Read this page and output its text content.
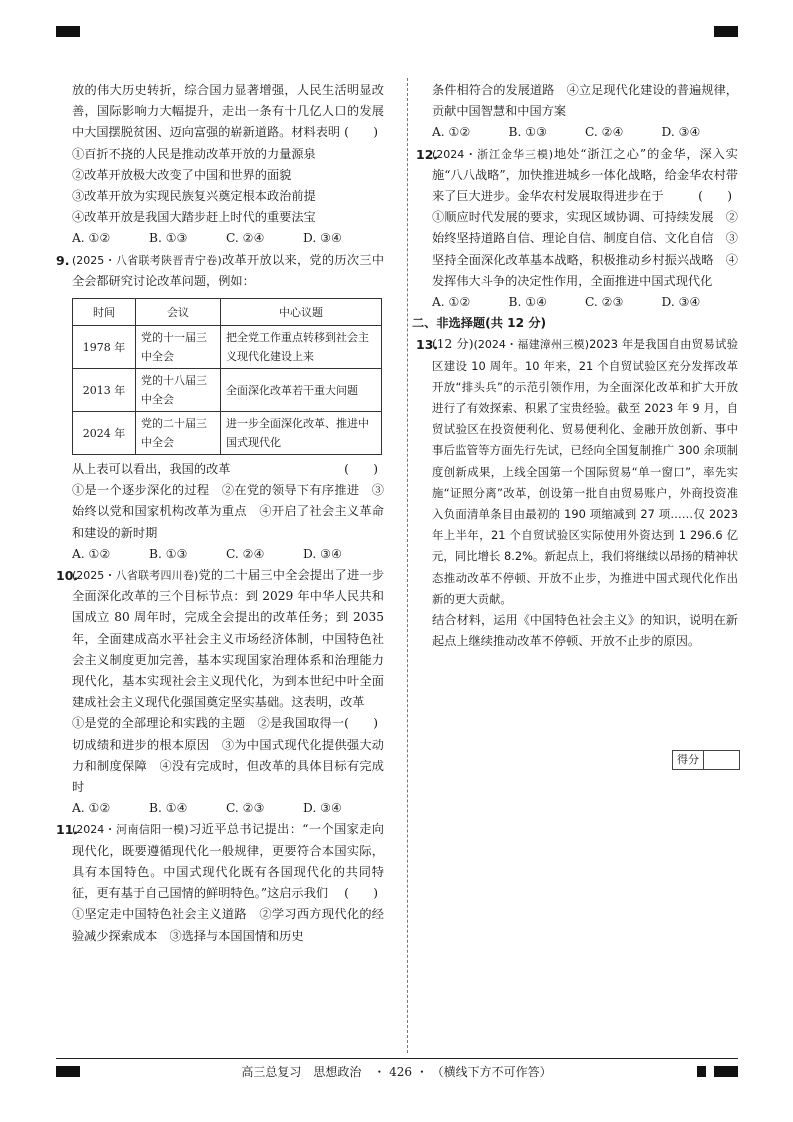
放的伟大历史转折，综合国力显著增强，人民生活明显改善，国际影响力大幅提升，走出一条有十几亿人口的发展中大国摆脱贫困、迈向富强的崭新道路。材料表明 (　　)

①百折不挠的人民是推动改革开放的力量源泉

②改革开放极大改变了中国和世界的面貌

③改革开放为实现民族复兴奠定根本政治前提

④改革开放是我国大踏步赶上时代的重要法宝

A. ①②	B. ①③	C. ②④	D. ③④

9. (2025・八省联考陕晋青宁卷)改革开放以来，党的历次三中全会都研究讨论改革问题，例如：

时间	会议	中心议题
1978 年	党的十一届三中全会	把全党工作重点转移到社会主义现代化建设上来
2013 年	党的十八届三中全会	全面深化改革若干重大问题
2024 年	党的二十届三中全会	进一步全面深化改革、推进中国式现代化

从上表可以看出，我国的改革	(　　)

①是一个逐步深化的过程　②在党的领导下有序推进　③始终以党和国家机构改革为重点　④开启了社会主义革命和建设的新时期

A. ①②	B. ①③	C. ②④	D. ③④

10.
(2025・八省联考四川卷)党的二十届三中全会提出了进一步全面深化改革的三个目标节点：到 2029 年中华人民共和国成立 80 周年时，完成全会提出的改革任务；到 2035 年，全面建成高水平社会主义市场经济体制，中国特色社会主义制度更加完善，基本实现国家治理体系和治理能力现代化，基本实现社会主义现代化，为到本世纪中叶全面建成社会主义现代化强国奠定坚实基础。这表明，改革
(　　)

①是党的全部理论和实践的主题　②是我国取得一切成绩和进步的根本原因　③为中国式现代化提供强大动力和制度保障　④没有完成时，但改革的具体目标有完成时

A. ①②	B. ①④	C. ②③	D. ③④

11.
(2024・河南信阳一模)习近平总书记提出：“一个国家走向现代化，既要遵循现代化一般规律，更要符合本国实际，具有本国特色。中国式现代化既有各国现代化的共同特征，更有基于自己国情的鲜明特色。”这启示我们 (　　)

①坚定走中国特色社会主义道路　②学习西方现代化的经验减少探索成本　③选择与本国国情和历史

条件相符合的发展道路　④立足现代化建设的普遍规律，贡献中国智慧和中国方案

A. ①②	B. ①③	C. ②④	D. ③④

12.
(2024・浙江金华三模)地处“浙江之心”的金华，深入实施“八八战略”，加快推进城乡一体化战略，给金华农村带来了巨大进步。金华农村发展取得进步在于	(　　)

①顺应时代发展的要求，实现区域协调、可持续发展　②始终坚持道路自信、理论自信、制度自信、文化自信　③坚持全面深化改革基本战略，积极推动乡村振兴战略　④发挥伟大斗争的决定性作用，全面推进中国式现代化

A. ①②	B. ①④	C. ②③	D. ③④

二、非选择题(共 12 分)

13.
(12 分)(2024・福建漳州三模)2023 年是我国自由贸易试验区建设 10 周年。10 年来，21 个自贸试验区充分发挥改革开放“排头兵”的示范引领作用，为全面深化改革和扩大开放进行了有效探索、积累了宝贵经验。截至 2023 年 9 月，自贸试验区在投资便利化、贸易便利化、金融开放创新、事中事后监管等方面先行先试，已经向全国复制推广 300 余项制度创新成果，上线全国第一个国际贸易“单一窗口”，率先实施“证照分离”改革，创设第一批自由贸易账户，外商投资准入负面清单条目由最初的 190 项缩减到 27 项……仅 2023 年上半年，21 个自贸试验区实际使用外资达到 1 296.6 亿元，同比增长 8.2%。新起点上，我们将继续以昂扬的精神状态推动改革不停顿、开放不止步，为推进中国式现代化作出新的更大贡献。

结合材料，运用《中国特色社会主义》的知识，说明在新起点上继续推动改革不停顿、开放不止步的原因。

得分
高三总复习　思想政治　・ 426 ・ （横线下方不可作答）
